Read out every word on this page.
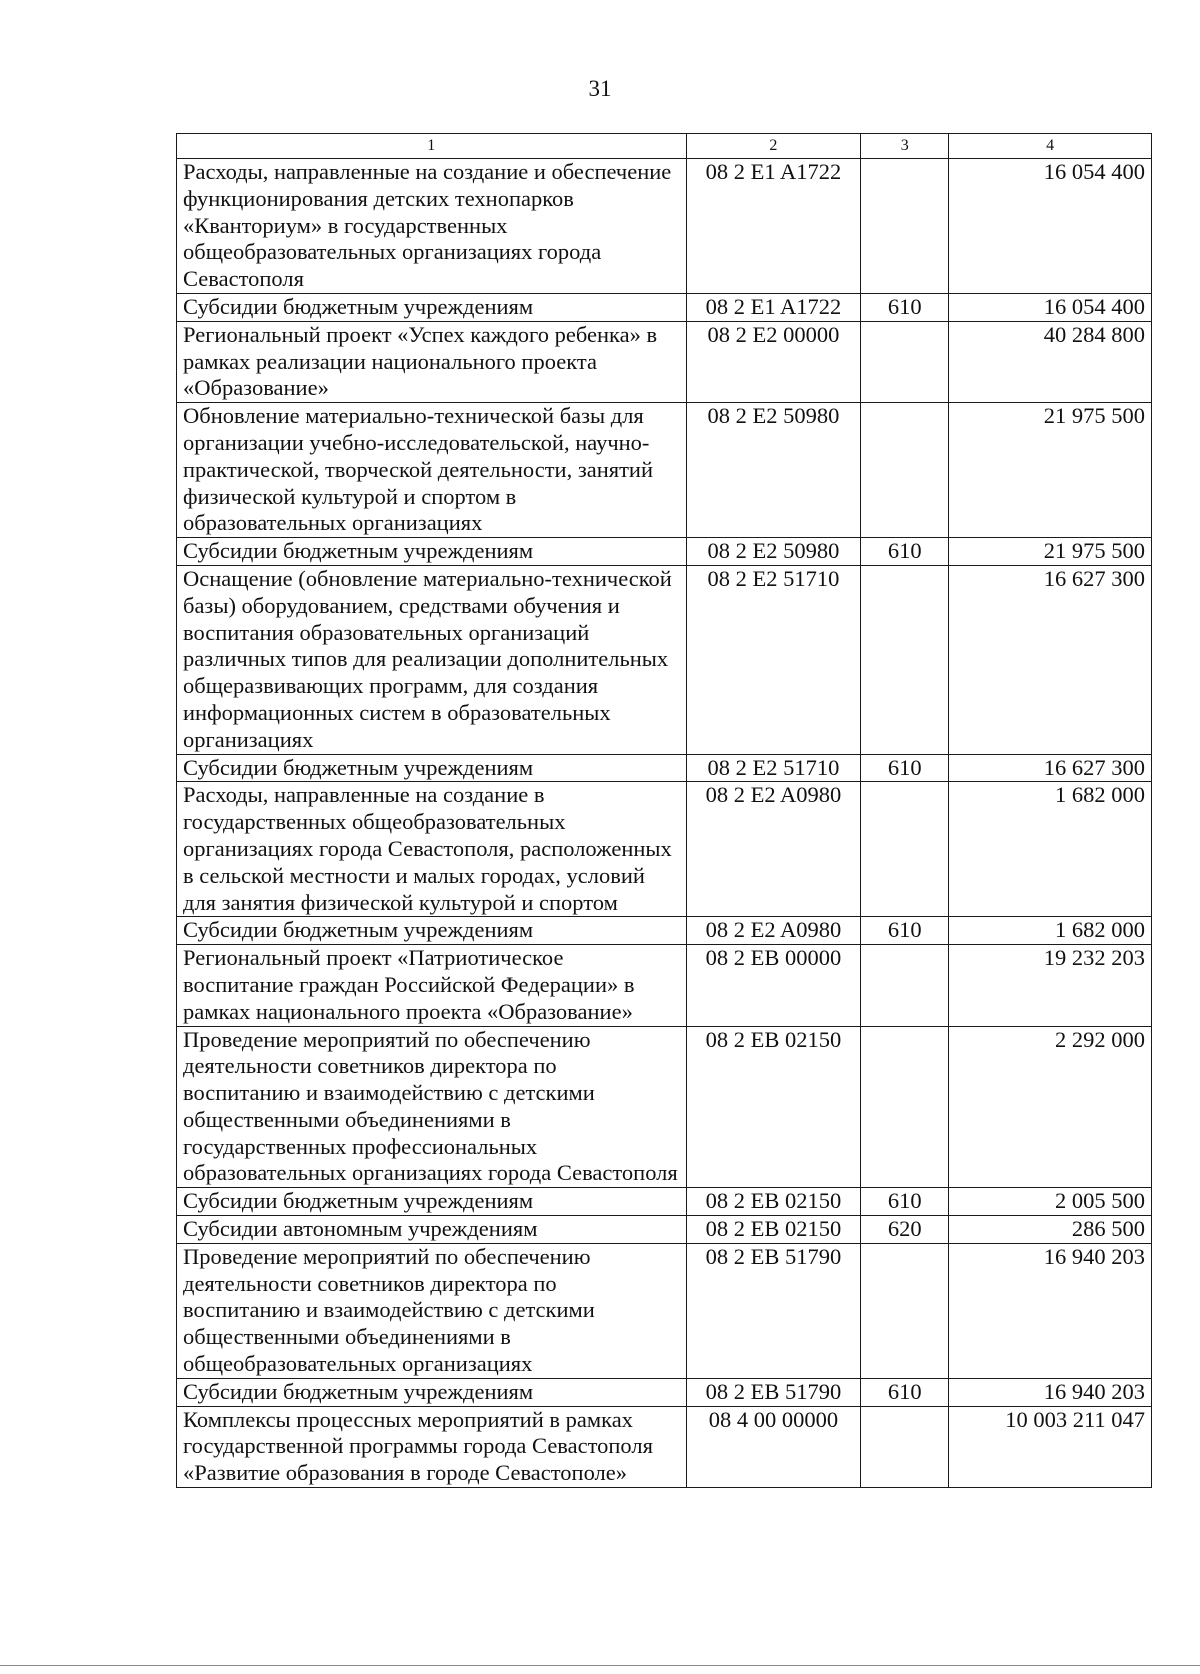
31
1	2	3	4
Расходы, направленные на создание и обеспечение функционирования детских технопарков «Кванториум» в государственных общеобразовательных организациях города Севастополя	08 2 E1 A1722		16 054 400
Субсидии бюджетным учреждениям	08 2 E1 A1722	610	16 054 400
Региональный проект «Успех каждого ребенка» в рамках реализации национального проекта «Образование»	08 2 E2 00000		40 284 800
Обновление материально-технической базы для организации учебно-исследовательской, научно-практической, творческой деятельности, занятий физической культурой и спортом в образовательных организациях	08 2 E2 50980		21 975 500
Субсидии бюджетным учреждениям	08 2 E2 50980	610	21 975 500
Оснащение (обновление материально-технической базы) оборудованием, средствами обучения и воспитания образовательных организаций различных типов для реализации дополнительных общеразвивающих программ, для создания информационных систем в образовательных организациях	08 2 E2 51710		16 627 300
Субсидии бюджетным учреждениям	08 2 E2 51710	610	16 627 300
Расходы, направленные на создание в государственных общеобразовательных организациях города Севастополя, расположенных в сельской местности и малых городах, условий для занятия физической культурой и спортом	08 2 E2 A0980		1 682 000
Субсидии бюджетным учреждениям	08 2 E2 A0980	610	1 682 000
Региональный проект «Патриотическое воспитание граждан Российской Федерации» в рамках национального проекта «Образование»	08 2 EB 00000		19 232 203
Проведение мероприятий по обеспечению деятельности советников директора по воспитанию и взаимодействию с детскими общественными объединениями в государственных профессиональных образовательных организациях города Севастополя	08 2 EB 02150		2 292 000
Субсидии бюджетным учреждениям	08 2 EB 02150	610	2 005 500
Субсидии автономным учреждениям	08 2 EB 02150	620	286 500
Проведение мероприятий по обеспечению деятельности советников директора по воспитанию и взаимодействию с детскими общественными объединениями в общеобразовательных организациях	08 2 EB 51790		16 940 203
Субсидии бюджетным учреждениям	08 2 EB 51790	610	16 940 203
Комплексы процессных мероприятий в рамках государственной программы города Севастополя «Развитие образования в городе Севастополе»	08 4 00 00000		10 003 211 047
